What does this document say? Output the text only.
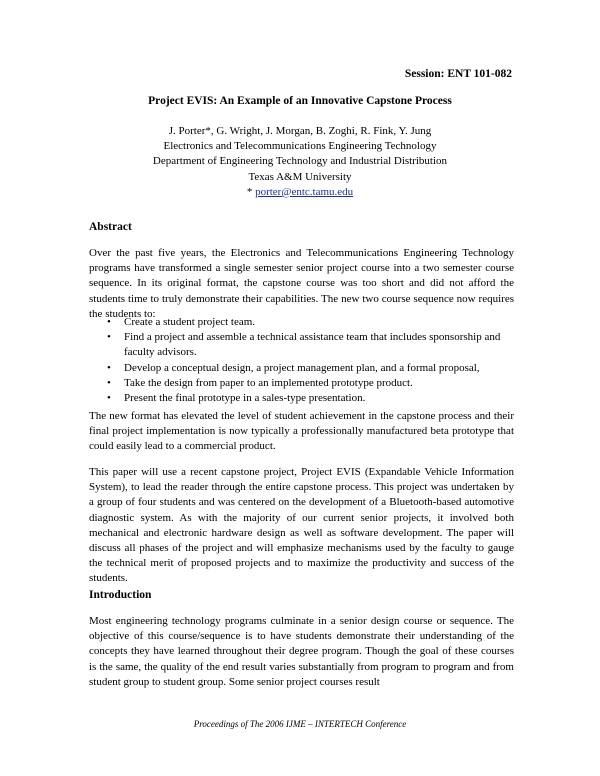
Session: ENT 101-082
Project EVIS: An Example of an Innovative Capstone Process
J. Porter*, G. Wright, J. Morgan, B. Zoghi, R. Fink, Y. Jung
Electronics and Telecommunications Engineering Technology
Department of Engineering Technology and Industrial Distribution
Texas A&M University
* porter@entc.tamu.edu
Abstract
Over the past five years, the Electronics and Telecommunications Engineering Technology programs have transformed a single semester senior project course into a two semester course sequence. In its original format, the capstone course was too short and did not afford the students time to truly demonstrate their capabilities. The new two course sequence now requires the students to:
• Create a student project team.
• Find a project and assemble a technical assistance team that includes sponsorship and faculty advisors.
• Develop a conceptual design, a project management plan, and a formal proposal,
• Take the design from paper to an implemented prototype product.
• Present the final prototype in a sales-type presentation.
The new format has elevated the level of student achievement in the capstone process and their final project implementation is now typically a professionally manufactured beta prototype that could easily lead to a commercial product.
This paper will use a recent capstone project, Project EVIS (Expandable Vehicle Information System), to lead the reader through the entire capstone process. This project was undertaken by a group of four students and was centered on the development of a Bluetooth-based automotive diagnostic system. As with the majority of our current senior projects, it involved both mechanical and electronic hardware design as well as software development. The paper will discuss all phases of the project and will emphasize mechanisms used by the faculty to gauge the technical merit of proposed projects and to maximize the productivity and success of the students.
Introduction
Most engineering technology programs culminate in a senior design course or sequence. The objective of this course/sequence is to have students demonstrate their understanding of the concepts they have learned throughout their degree program. Though the goal of these courses is the same, the quality of the end result varies substantially from program to program and from student group to student group. Some senior project courses result
Proceedings of The 2006 IJME – INTERTECH Conference
